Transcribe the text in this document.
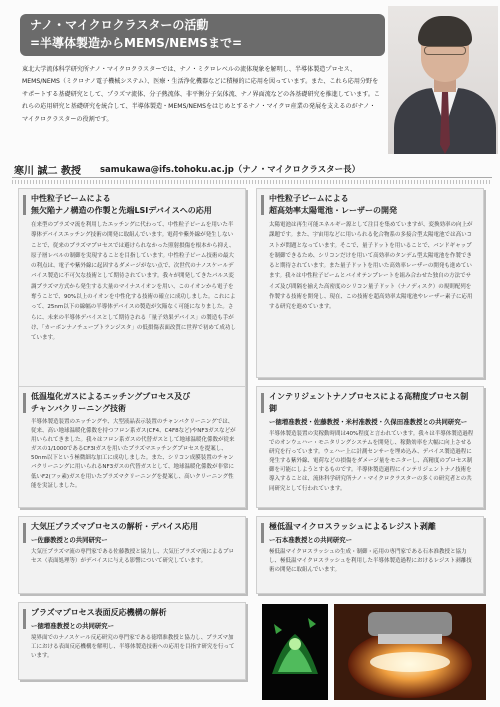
ナノ・マイクロクラスターの活動
=半導体製造からMEMS/NEMSまで=
東北大学流体科学研究所ナノ・マイクロクラスターでは、ナノ・ミクロレベルの流体現象を解明し、半導体製造プロセス、MEMS/NEMS（ミクロナノ電子機械システム）、医療・生活浄化機器などに積極的に応用を図っています。また、これら応用分野をサポートする基礎研究として、プラズマ流体、分子熱流体、非平衡分子気体流、ナノ界面流などの各基礎研究を推進しています。これらの応用研究と基礎研究を統合して、半導体製造・MEMS/NEMSをはじめとするナノ・マイクロ産業の発展を支えるのがナノ・マイクロクラスターの役割です。
寒川 誠二 教授 samukawa@ifs.tohoku.ac.jp（ナノ・マイクロクラスター長）
中性粒子ビームによる
無欠陥ナノ構造の作製と先端LSIデバイスへの応用
在来型のプラズマ流を利用したエッチングに代わって、中性粒子ビームを用いた半導体デバイスエッチング技術の開発に取組んでいます。電荷や紫外線が発生しないことで、従来のプラズマプロセスでは避けられなかった照射損傷を根本から抑え、原子層レベルの制御を実現することを目指しています。中性粒子ビーム技術の最大の利点は、電子や紫外線に起因するダメージがない点で、次世代のナノスケールデバイス製造に不可欠な技術として期待されています。我々が開発してきたパルス変調プラズマ方式から発生する大量のマイナスイオンを用い、このイオンから電子を奪うことで、90%以上のイオンを中性化する技術の確立に成功しました。これによって、25nm以下の線幅の半導体デバイスの製造が欠陥なく可能になりました。さらに、未来の半導体デバイスとして期待される「量子効果デバイス」の製造も手がけ、「カーボンナノチューブトランジスタ」の低損傷表面改質に世界で初めて成功しています。
中性粒子ビームによる
超高効率太陽電池・レーザーの開発
太陽電池は再生可能エネルギー源として注目を集めていますが、変換効率の向上が課題です。また、宇宙用などに用いられる化合物系の多接合型太陽電池では高いコストが問題となっています。そこで、量子ドットを用いることで、バンドギャップを制御できるため、シリコンだけを用いて高効率のタンデム型太陽電池を作製できると期待されています。また量子ドットを用いた高効率レーザーの開発も進めています。我々は中性粒子ビームとバイオテンプレートを組み合わせた独自の方法でサイズ及び間隔を揃えた高密度のシリコン量子ドット（ナノディスク）の規則配列を作製する技術を開発し、現在、この技術を超高効率太陽電池やレーザー素子に応用する研究を進めています。
低温塩化ガスによるエッチングプロセス及び
チャンバクリーニング技術
半導体製造装置のエッチングや、大型液晶表示装置のチャンバクリーニングでは、従来、高い地球温暖化係数を持つフロン系ガス(CF4、C4F8など)やNF3ガスなどが用いられてきました。我々はフロン系ガスの代替ガスとして地球温暖化係数が従来ガスの1/1000であるCF3Iガスを用いたプラズマエッチングプロセスを提案し、50nm以下という極微細な加工に成功しました。また、シリコン成膜装置のチャンバクリーニングに用いられるNF3ガスの代替ガスとして、地球温暖化係数が非常に低いF2(フッ素)ガスを用いたプラズマクリーニングを提案し、高いクリーニング性能を実証しました。
インテリジェントナノプロセスによる高精度プロセス制御
ー徳増准教授・佐藤教授・米村准教授・久保田准教授との共同研究ー
半導体製造装置の実稼動時間は40%程度と言われています。我々は半導体製造過程でのオンウェハー・モニタリングシステムを開発し、稼動効率を大幅に向上させる研究を行っています。ウェハー上に計測センサーを埋め込み、デバイス製造過程に発生する紫外線、電荷などの損傷をダメージ量をモニターし、高精度のプロセス制御を可能にしようとするものです。半導体製造過程にインテリジェントナノ技術を導入することは、流体科学研究所ナノ・マイクロクラスターの多くの研究者との共同研究として行われています。
大気圧プラズマプロセスの解析・デバイス応用
ー佐藤教授との共同研究ー
大気圧プラズマ流の専門家である佐藤教授と協力し、大気圧プラズマ流によるプロセス（表面処理等）がデバイスに与える影響について研究しています。
極低温マイクロスラッシュによるレジスト剥離
ー石本准教授との共同研究ー
極低温マイクロスラッシュの生成・制御・応用の専門家である石本准教授と協力し、極低温マイクロスラッシュを利用した半導体製造過程におけるレジスト剥離技術の開発に取組んでいます。
プラズマプロセス表面反応機構の解析
ー徳増准教授との共同研究ー
境界面でのナノスケール反応研究の専門家である徳増准教授と協力し、プラズマ加工における表面反応機構を解明し、半導体製造技術への応用を目指す研究を行っています。
